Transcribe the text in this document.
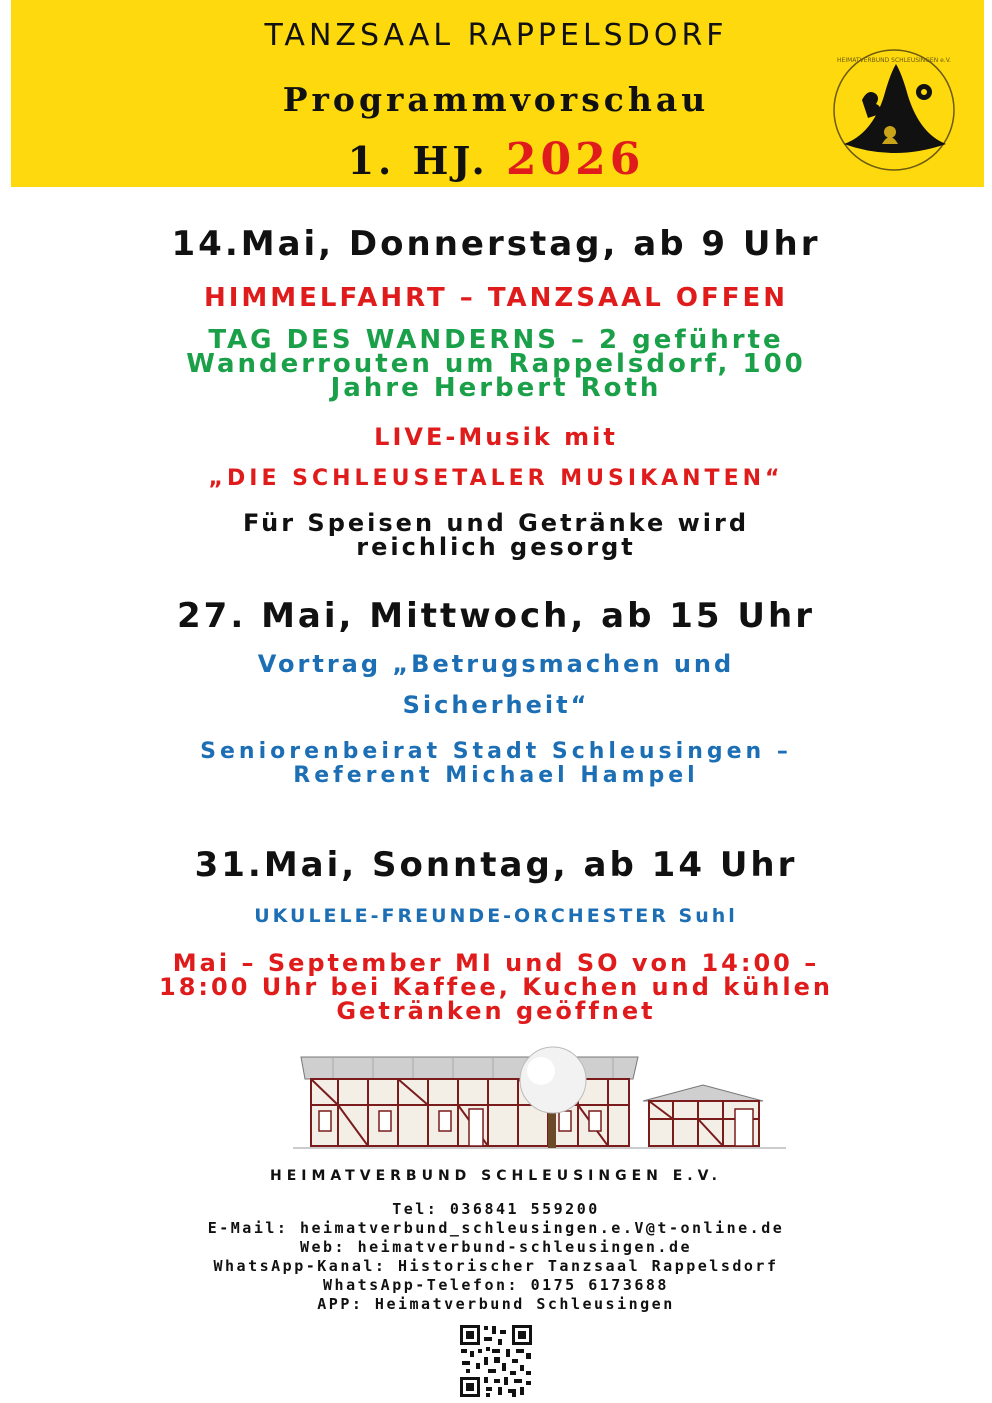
TANZSAAL RAPPELSDORF
Programmvorschau
1. HJ. 2026
HEIMATVERBUND SCHLEUSINGEN e.V.
14.Mai, Donnerstag, ab 9 Uhr
HIMMELFAHRT – TANZSAAL OFFEN
TAG DES WANDERNS – 2 geführte
Wanderrouten um Rappelsdorf, 100
Jahre Herbert Roth
LIVE-Musik mit
„DIE SCHLEUSETALER MUSIKANTEN“
Für Speisen und Getränke wird
reichlich gesorgt
27. Mai, Mittwoch, ab 15 Uhr
Vortrag „Betrugsmachen und
Sicherheit“
Seniorenbeirat Stadt Schleusingen –
Referent Michael Hampel
31.Mai, Sonntag, ab 14 Uhr
UKULELE-FREUNDE-ORCHESTER Suhl
Mai – September MI und SO von 14:00 –
18:00 Uhr bei Kaffee, Kuchen und kühlen
Getränken geöffnet
HEIMATVERBUND SCHLEUSINGEN E.V.
Tel: 036841 559200
E-Mail: heimatverbund_schleusingen.e.V@t-online.de
Web: heimatverbund-schleusingen.de
WhatsApp-Kanal: Historischer Tanzsaal Rappelsdorf
WhatsApp-Telefon: 0175 6173688
APP: Heimatverbund Schleusingen
